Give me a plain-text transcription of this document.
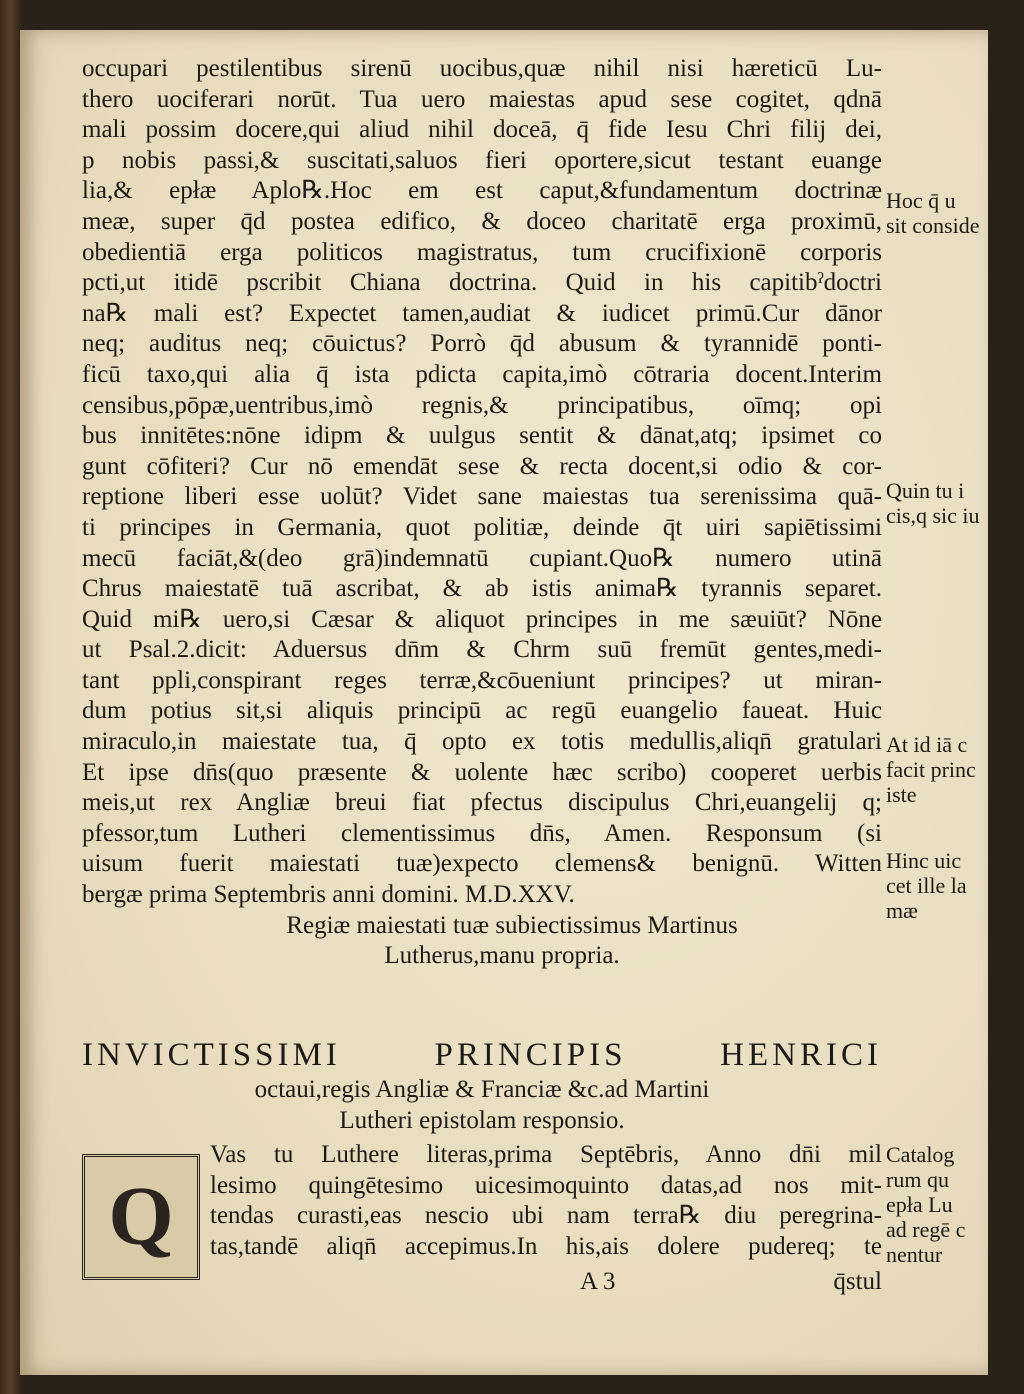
occupari pestilentibus sirenū uocibus,quæ nihil nisi hæreticū Lu-
thero uociferari norūt. Tua uero maiestas apud sese cogitet, qdnā
mali possim docere,qui aliud nihil doceā, q̄ fide Iesu Chri filij dei,
p nobis passi,& suscitati,saluos fieri oportere,sicut testant euange
lia,& epłæ Aplo℞.Hoc em est caput,&fundamentum doctrinæ
meæ, super q̄d postea edifico, & doceo charitatē erga proximū,
obedientiā erga politicos magistratus, tum crucifixionē corporis
pcti,ut itidē pscribit Chiana doctrina. Quid in his capitibˀdoctri
na℞ mali est? Expectet tamen,audiat & iudicet primū.Cur dānor
neq; auditus neq; cōuictus? Porrò q̄d abusum & tyrannidē ponti-
ficū taxo,qui alia q̄ ista pdicta capita,imò cōtraria docent.Interim
censibus,pōpæ,uentribus,imò regnis,& principatibus, oīmq; opi
bus innitētes:nōne idipm & uulgus sentit & dānat,atq; ipsimet co
gunt cōfiteri? Cur nō emendāt sese & recta docent,si odio & cor-
reptione liberi esse uolūt? Videt sane maiestas tua serenissima quā-
ti principes in Germania, quot politiæ, deinde q̄t uiri sapiētissimi
mecū faciāt,&(deo grā)indemnatū cupiant.Quo℞ numero utinā
Chrus maiestatē tuā ascribat, & ab istis anima℞ tyrannis separet.
Quid mi℞ uero,si Cæsar & aliquot principes in me sæuiūt? Nōne
ut Psal.2.dicit: Aduersus dn̄m & Chrm suū fremūt gentes,medi-
tant ppli,conspirant reges terræ,&cōueniunt principes? ut miran-
dum potius sit,si aliquis principū ac regū euangelio faueat. Huic
miraculo,in maiestate tua, q̄ opto ex totis medullis,aliqn̄ gratulari
Et ipse dn̄s(quo præsente & uolente hæc scribo) cooperet uerbis
meis,ut rex Angliæ breui fiat pfectus discipulus Chri,euangelij q;
pfessor,tum Lutheri clementissimus dn̄s, Amen. Responsum (si
uisum fuerit maiestati tuæ)expecto clemens& benignū. Witten
bergæ prima Septembris anni domini. M.D.XXV.
Regiæ maiestati tuæ subiectissimus Martinus
Lutherus,manu propria.
INVICTISSIMI PRINCIPIS HENRICI
octaui,regis Angliæ & Franciæ &c.ad Martini
Lutheri epistolam responsio.
Q
Vas tu Luthere literas,prima Septēbris, Anno dn̄i mil
lesimo quingētesimo uicesimoquinto datas,ad nos mit-
tendas curasti,eas nescio ubi nam terra℞ diu peregrina-
tas,tandē aliqn̄ accepimus.In his,ais dolere pudereq; te
A 3	q̄stul
Hoc q̄ u
sit conside
Quin tu i
cis,q sic iu
At id iā c
facit princ
iste
Hinc uic
cet ille la
mæ
Catalog
rum qu
epła Lu
ad regē c
nentur
